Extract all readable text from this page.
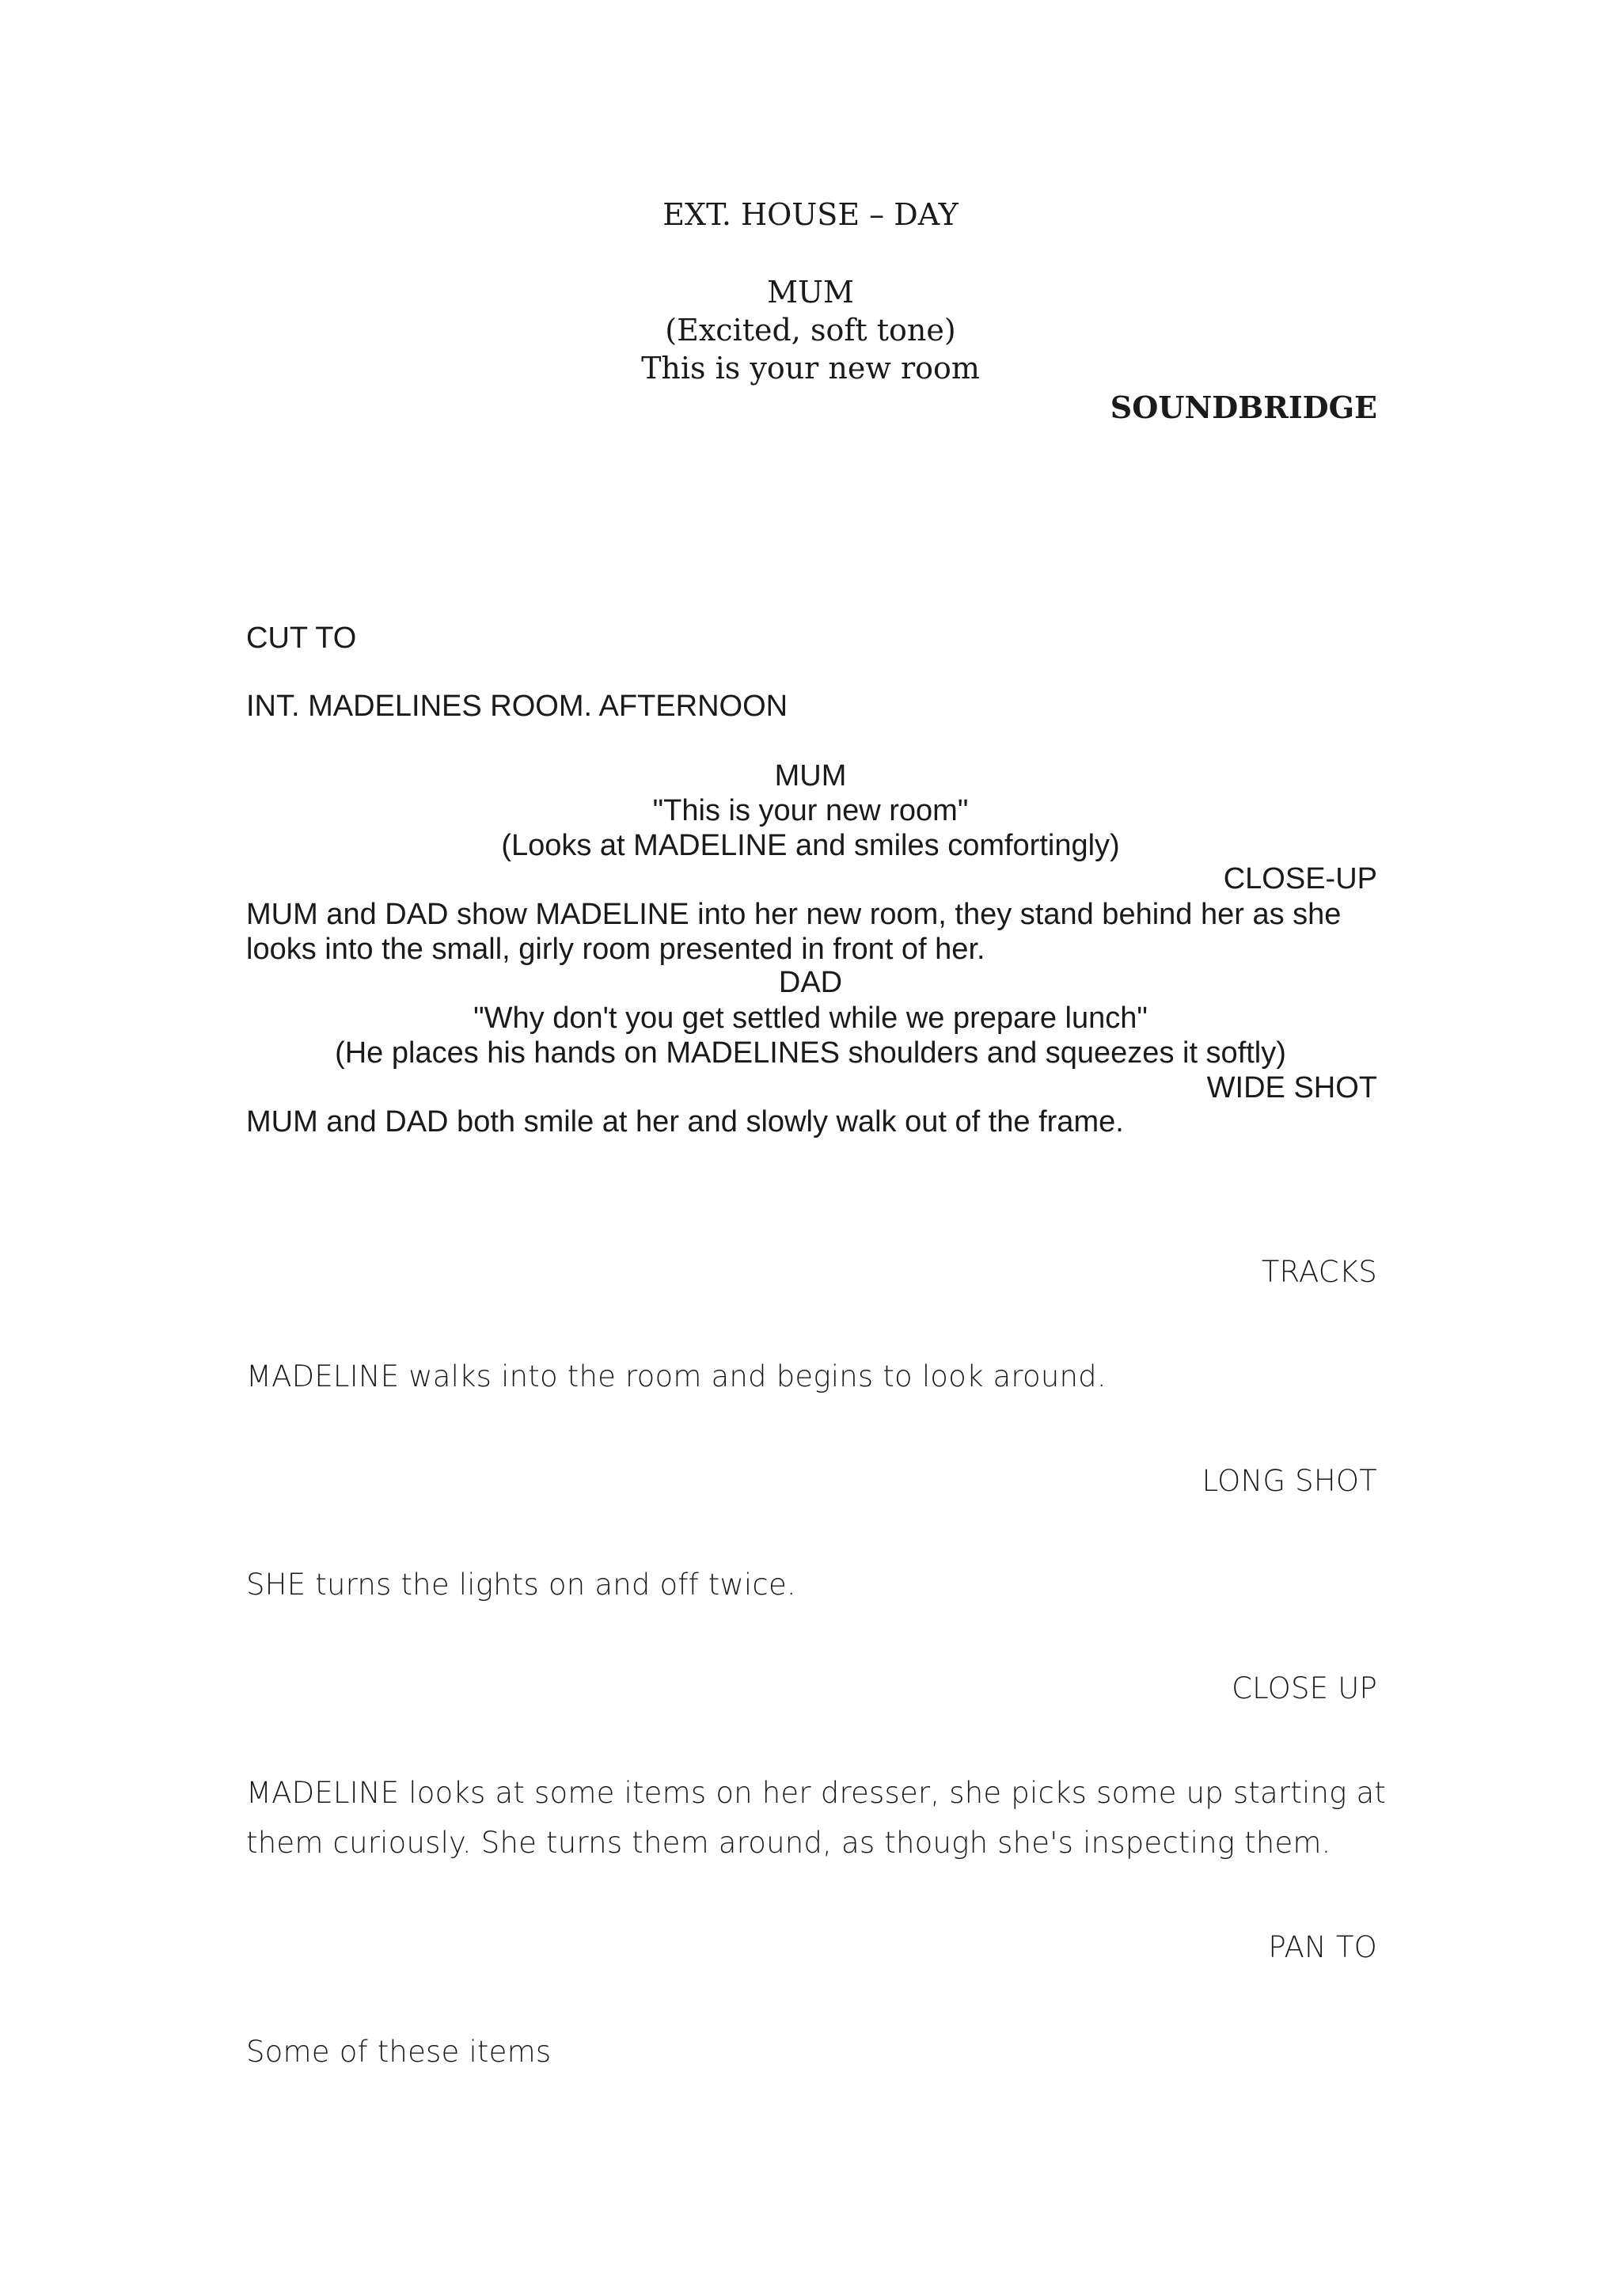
EXT. HOUSE – DAY
MUM
(Excited, soft tone)
This is your new room
SOUNDBRIDGE
CUT TO
INT. MADELINES ROOM. AFTERNOON
MUM
"This is your new room"
(Looks at MADELINE and smiles comfortingly)
CLOSE-UP
MUM and DAD show MADELINE into her new room, they stand behind her as she
looks into the small, girly room presented in front of her.
DAD
"Why don't you get settled while we prepare lunch"
(He places his hands on MADELINES shoulders and squeezes it softly)
WIDE SHOT
MUM and DAD both smile at her and slowly walk out of the frame.
TRACKS
MADELINE walks into the room and begins to look around.
LONG SHOT
SHE turns the lights on and off twice.
CLOSE UP
MADELINE looks at some items on her dresser, she picks some up starting at
them curiously. She turns them around, as though she's inspecting them.
PAN TO
Some of these items
